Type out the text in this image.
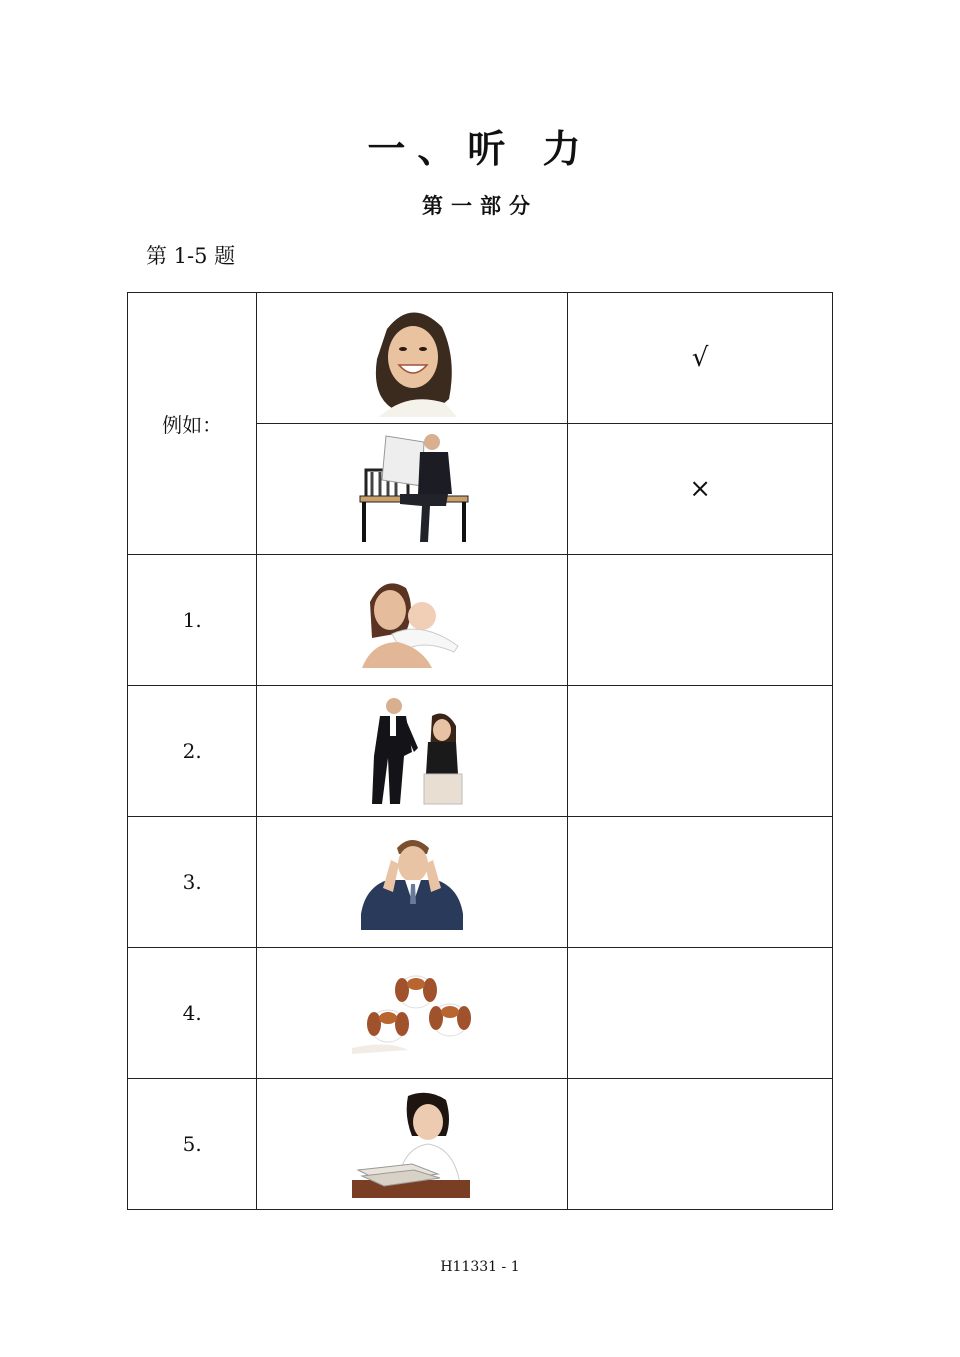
一、听 力
第一部分
第 1-5 题
例如：		√

	×
1.	

2.	

3.	

4.	

5.	

H11331 - 1
